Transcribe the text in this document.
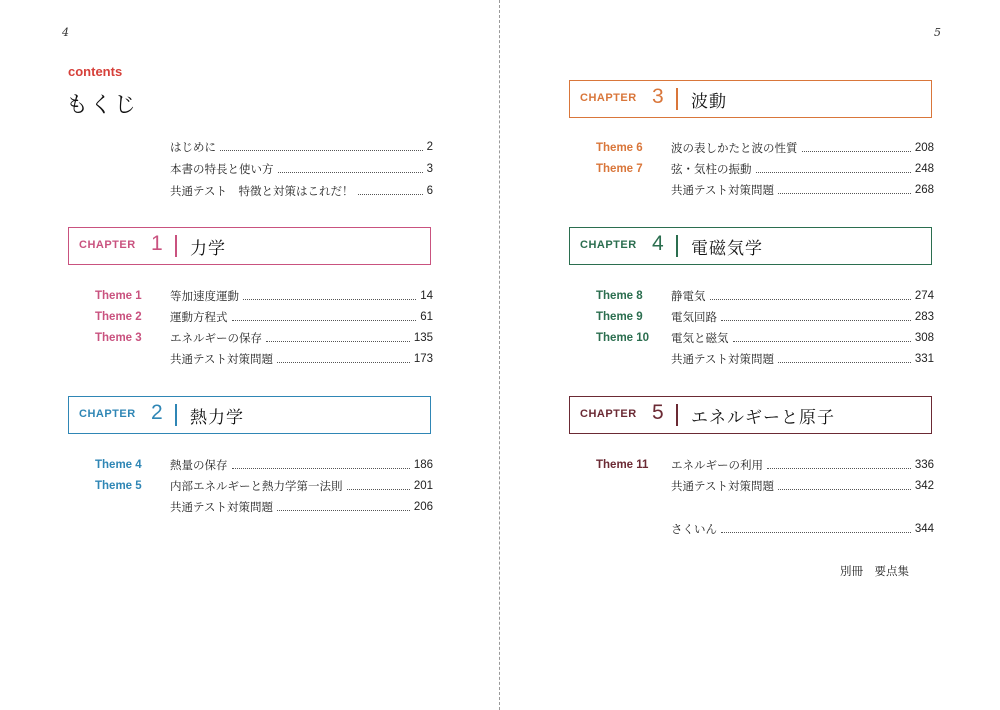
4
contents
もくじ
はじめに	2
本書の特長と使い方	3
共通テスト　特徴と対策はこれだ！	6
CHAPTER 1 力学
Theme 1 等加速度運動	14
Theme 2 運動方程式	61
Theme 3 エネルギーの保存	135
共通テスト対策問題	173
CHAPTER 2 熱力学
Theme 4 熱量の保存	186
Theme 5 内部エネルギーと熱力学第一法則	201
共通テスト対策問題	206
5
CHAPTER 3 波動
Theme 6 波の表しかたと波の性質	208
Theme 7 弦・気柱の振動	248
共通テスト対策問題	268
CHAPTER 4 電磁気学
Theme 8 静電気	274
Theme 9 電気回路	283
Theme 10 電気と磁気	308
共通テスト対策問題	331
CHAPTER 5 エネルギーと原子
Theme 11 エネルギーの利用	336
共通テスト対策問題	342
さくいん	344
別冊　要点集
